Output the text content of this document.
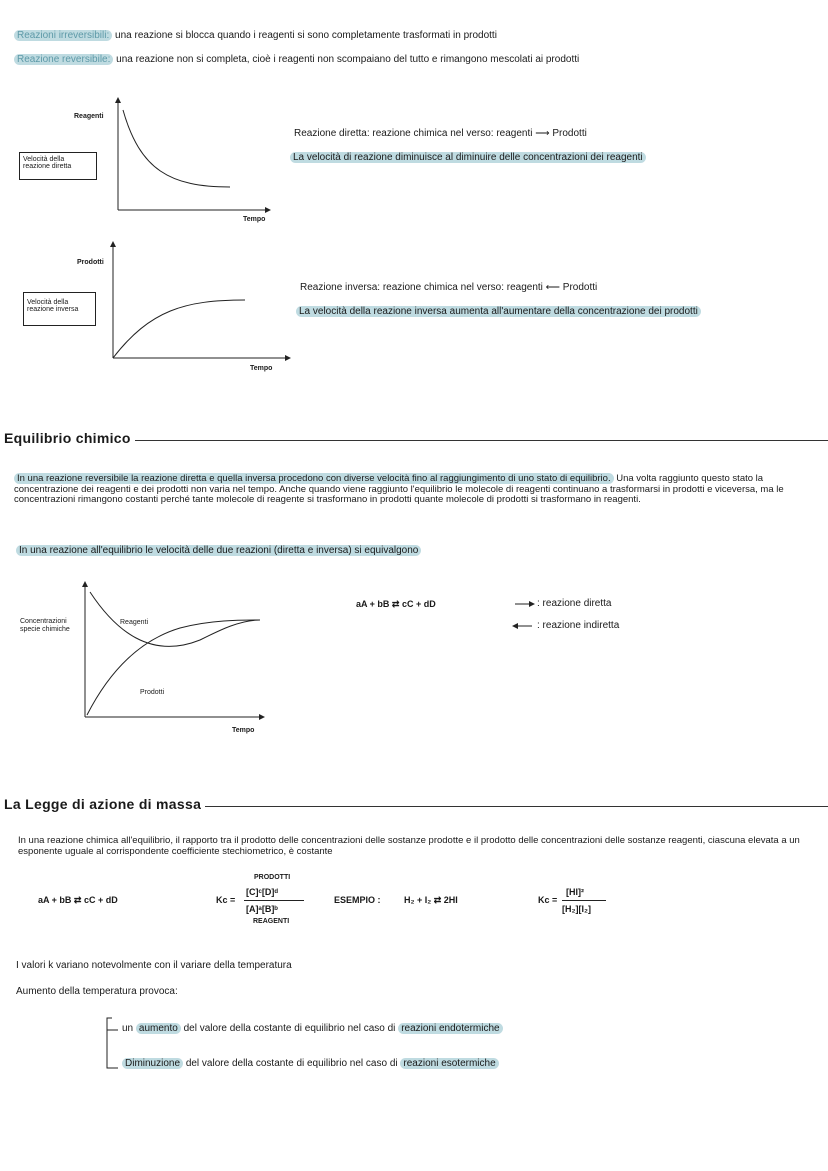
Reazioni irreversibili: una reazione si blocca quando i reagenti si sono completamente trasformati in prodotti
Reazione reversibile: una reazione non si completa, cioè i reagenti non scompaiano del tutto e rimangono mescolati ai prodotti
Reagenti
Tempo
Velocità della reazione diretta
Reazione diretta: reazione chimica nel verso: reagenti ⟶ Prodotti
La velocità di reazione diminuisce al diminuire delle concentrazioni dei reagenti
Prodotti
Tempo
Velocità della reazione inversa
Reazione inversa: reazione chimica nel verso: reagenti ⟵ Prodotti
La velocità della reazione inversa aumenta all'aumentare della concentrazione dei prodotti
Equilibrio chimico
In una reazione reversibile la reazione diretta e quella inversa procedono con diverse velocità fino al raggiungimento di uno stato di equilibrio. Una volta raggiunto questo stato la concentrazione dei reagenti e dei prodotti non varia nel tempo. Anche quando viene raggiunto l'equilibrio le molecole di reagenti continuano a trasformarsi in prodotti e viceversa, ma le concentrazioni rimangono costanti perché tante molecole di reagente si trasformano in prodotti quante molecole di prodotti si trasformano in reagenti.
In una reazione all'equilibrio le velocità delle due reazioni (diretta e inversa) si equivalgono
Concentrazioni specie chimiche
Reagenti
Prodotti
Tempo
aA + bB ⇄ cC + dD	: reazione diretta
: reazione indiretta
La Legge di azione di massa
In una reazione chimica all'equilibrio, il rapporto tra il prodotto delle concentrazioni delle sostanze prodotte e il prodotto delle concentrazioni delle sostanze reagenti, ciascuna elevata a un esponente uguale al corrispondente coefficiente stechiometrico, è costante
aA + bB ⇄ cC + dD	Kc =
PRODOTTI
[C]ᶜ[D]ᵈ
[A]ᵃ[B]ᵇ
REAGENTI
ESEMPIO :	H₂ + I₂ ⇄ 2HI	Kc =
[HI]²
[H₂][I₂]
I valori k variano notevolmente con il variare della temperatura
Aumento della temperatura provoca:
un aumento del valore della costante di equilibrio nel caso di reazioni endotermiche
Diminuzione del valore della costante di equilibrio nel caso di reazioni esotermiche
